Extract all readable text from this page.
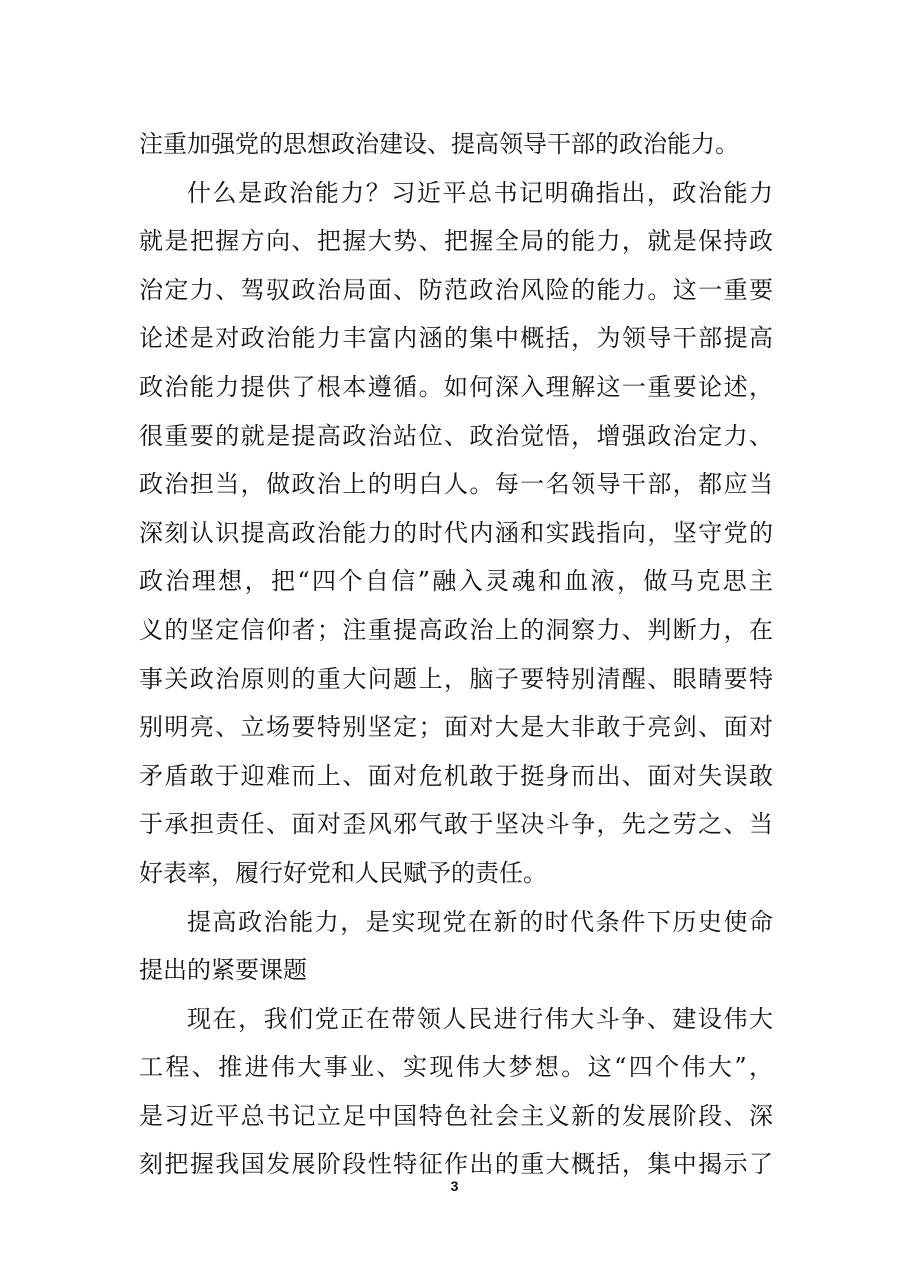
注重加强党的思想政治建设、提高领导干部的政治能力。
什么是政治能力？习近平总书记明确指出，政治能力
就是把握方向、把握大势、把握全局的能力，就是保持政
治定力、驾驭政治局面、防范政治风险的能力。这一重要
论述是对政治能力丰富内涵的集中概括，为领导干部提高
政治能力提供了根本遵循。如何深入理解这一重要论述，
很重要的就是提高政治站位、政治觉悟，增强政治定力、
政治担当，做政治上的明白人。每一名领导干部，都应当
深刻认识提高政治能力的时代内涵和实践指向，坚守党的
政治理想，把“四个自信”融入灵魂和血液，做马克思主
义的坚定信仰者；注重提高政治上的洞察力、判断力，在
事关政治原则的重大问题上，脑子要特别清醒、眼睛要特
别明亮、立场要特别坚定；面对大是大非敢于亮剑、面对
矛盾敢于迎难而上、面对危机敢于挺身而出、面对失误敢
于承担责任、面对歪风邪气敢于坚决斗争，先之劳之、当
好表率，履行好党和人民赋予的责任。
提高政治能力，是实现党在新的时代条件下历史使命
提出的紧要课题
现在，我们党正在带领人民进行伟大斗争、建设伟大
工程、推进伟大事业、实现伟大梦想。这“四个伟大”，
是习近平总书记立足中国特色社会主义新的发展阶段、深
刻把握我国发展阶段性特征作出的重大概括，集中揭示了
3
